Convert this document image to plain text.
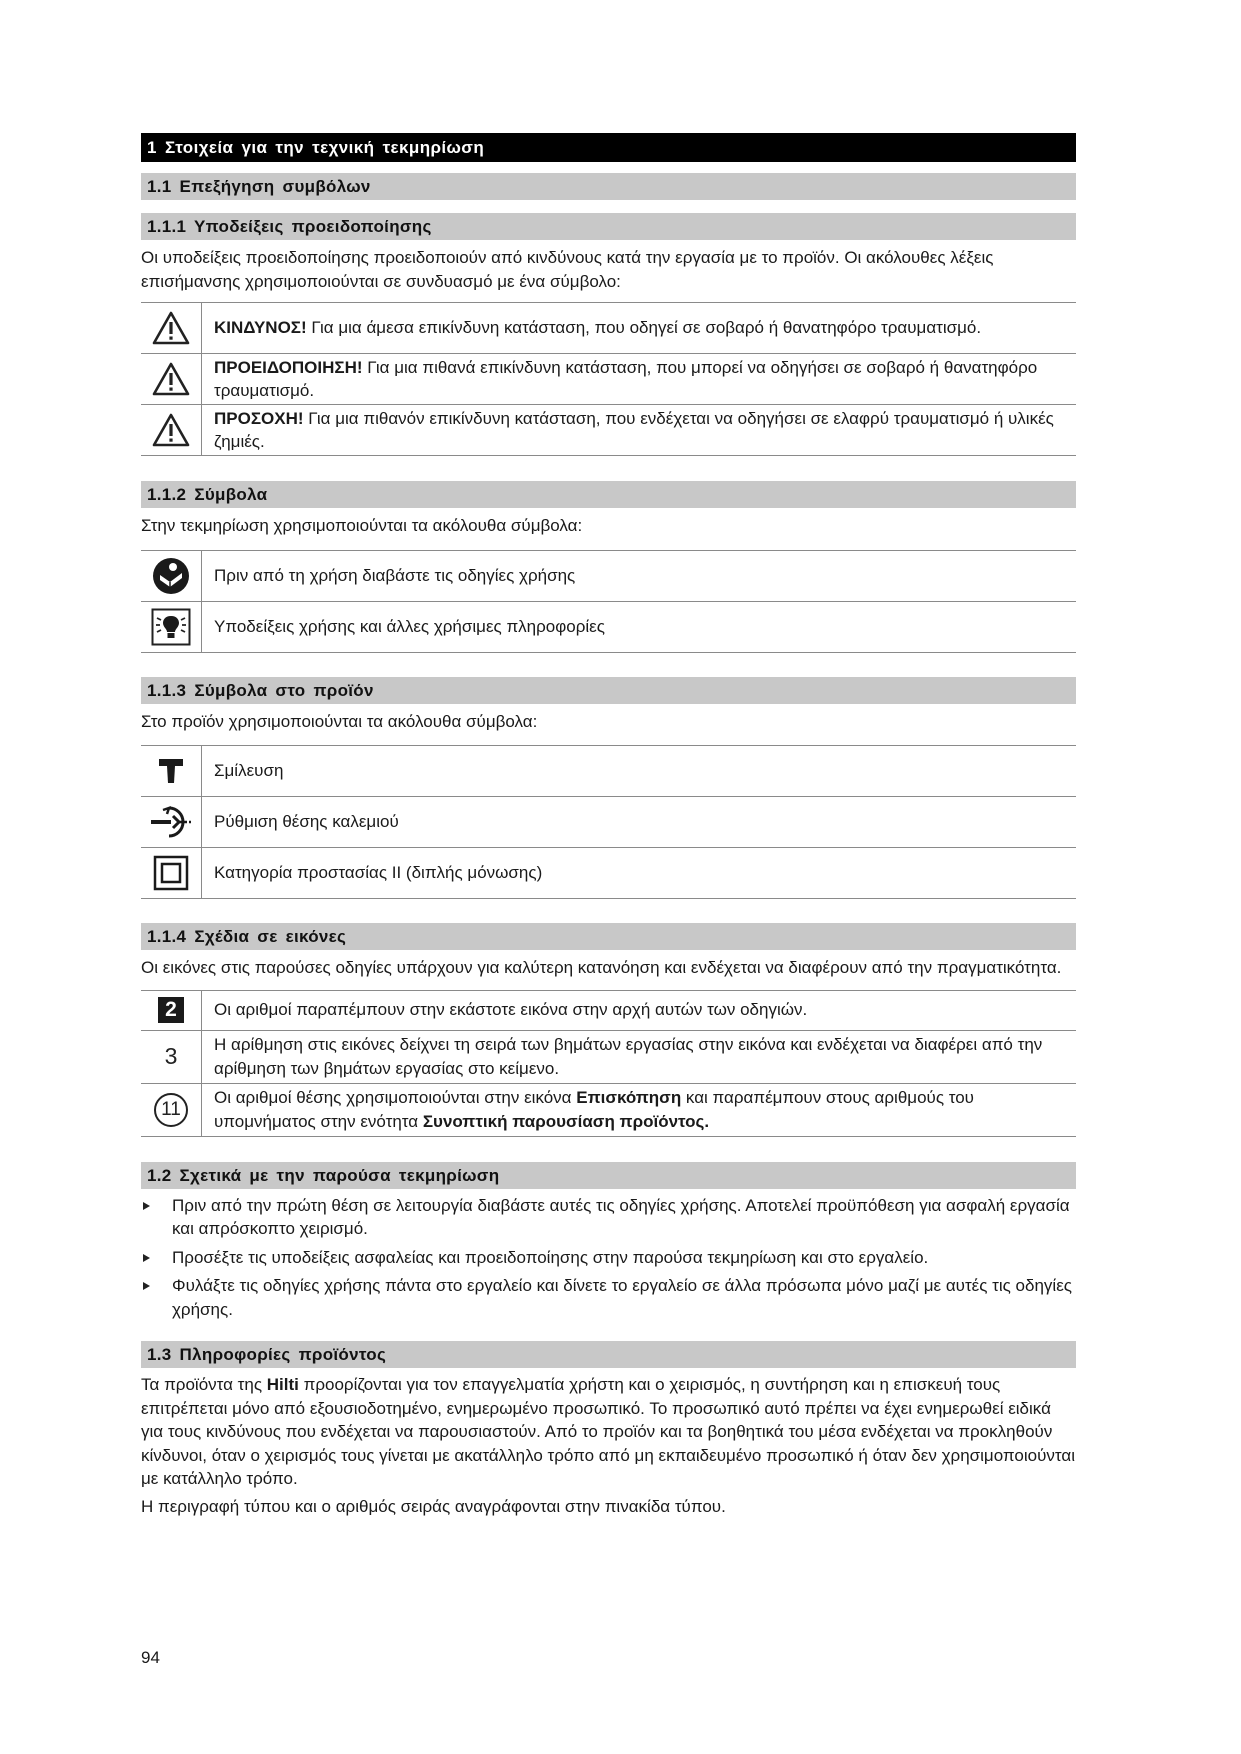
1 Στοιχεία για την τεχνική τεκμηρίωση
1.1 Επεξήγηση συμβόλων
1.1.1 Υποδείξεις προειδοποίησης

Οι υποδείξεις προειδοποίησης προειδοποιούν από κινδύνους κατά την εργασία με το προϊόν. Οι ακόλουθες λέξεις επισήμανσης χρησιμοποιούνται σε συνδυασμό με ένα σύμβολο:

	ΚΙΝΔΥΝΟΣ! Για μια άμεσα επικίνδυνη κατάσταση, που οδηγεί σε σοβαρό ή θανατηφόρο τραυματισμό.
	ΠΡΟΕΙΔΟΠΟΙΗΣΗ! Για μια πιθανά επικίνδυνη κατάσταση, που μπορεί να οδηγήσει σε σοβαρό ή θανατηφόρο τραυματισμό.
	ΠΡΟΣΟΧΗ! Για μια πιθανόν επικίνδυνη κατάσταση, που ενδέχεται να οδηγήσει σε ελαφρύ τραυματισμό ή υλικές ζημιές.
1.1.2 Σύμβολα

Στην τεκμηρίωση χρησιμοποιούνται τα ακόλουθα σύμβολα:

	Πριν από τη χρήση διαβάστε τις οδηγίες χρήσης
	Υποδείξεις χρήσης και άλλες χρήσιμες πληροφορίες
1.1.3 Σύμβολα στο προϊόν

Στο προϊόν χρησιμοποιούνται τα ακόλουθα σύμβολα:

	Σμίλευση
	Ρύθμιση θέσης καλεμιού
	Κατηγορία προστασίας II (διπλής μόνωσης)
1.1.4 Σχέδια σε εικόνες

Οι εικόνες στις παρούσες οδηγίες υπάρχουν για καλύτερη κατανόηση και ενδέχεται να διαφέρουν από την πραγματικότητα.

2	Οι αριθμοί παραπέμπουν στην εκάστοτε εικόνα στην αρχή αυτών των οδηγιών.
3	Η αρίθμηση στις εικόνες δείχνει τη σειρά των βημάτων εργασίας στην εικόνα και ενδέχεται να διαφέρει από την αρίθμηση των βημάτων εργασίας στο κείμενο.
11	Οι αριθμοί θέσης χρησιμοποιούνται στην εικόνα Επισκόπηση και παραπέμπουν στους αριθμούς του υπομνήματος στην ενότητα Συνοπτική παρουσίαση προϊόντος.
1.2 Σχετικά με την παρούσα τεκμηρίωση
Πριν από την πρώτη θέση σε λειτουργία διαβάστε αυτές τις οδηγίες χρήσης. Αποτελεί προϋπόθεση για ασφαλή εργασία και απρόσκοπτο χειρισμό.
Προσέξτε τις υποδείξεις ασφαλείας και προειδοποίησης στην παρούσα τεκμηρίωση και στο εργαλείο.
Φυλάξτε τις οδηγίες χρήσης πάντα στο εργαλείο και δίνετε το εργαλείο σε άλλα πρόσωπα μόνο μαζί με αυτές τις οδηγίες χρήσης.
1.3 Πληροφορίες προϊόντος

Τα προϊόντα της Hilti προορίζονται για τον επαγγελματία χρήστη και ο χειρισμός, η συντήρηση και η επισκευή τους επιτρέπεται μόνο από εξουσιοδοτημένο, ενημερωμένο προσωπικό. Το προσωπικό αυτό πρέπει να έχει ενημερωθεί ειδικά για τους κινδύνους που ενδέχεται να παρουσιαστούν. Από το προϊόν και τα βοηθητικά του μέσα ενδέχεται να προκληθούν κίνδυνοι, όταν ο χειρισμός τους γίνεται με ακατάλληλο τρόπο από μη εκπαιδευμένο προσωπικό ή όταν δεν χρησιμοποιούνται με κατάλληλο τρόπο.

Η περιγραφή τύπου και ο αριθμός σειράς αναγράφονται στην πινακίδα τύπου.

94
